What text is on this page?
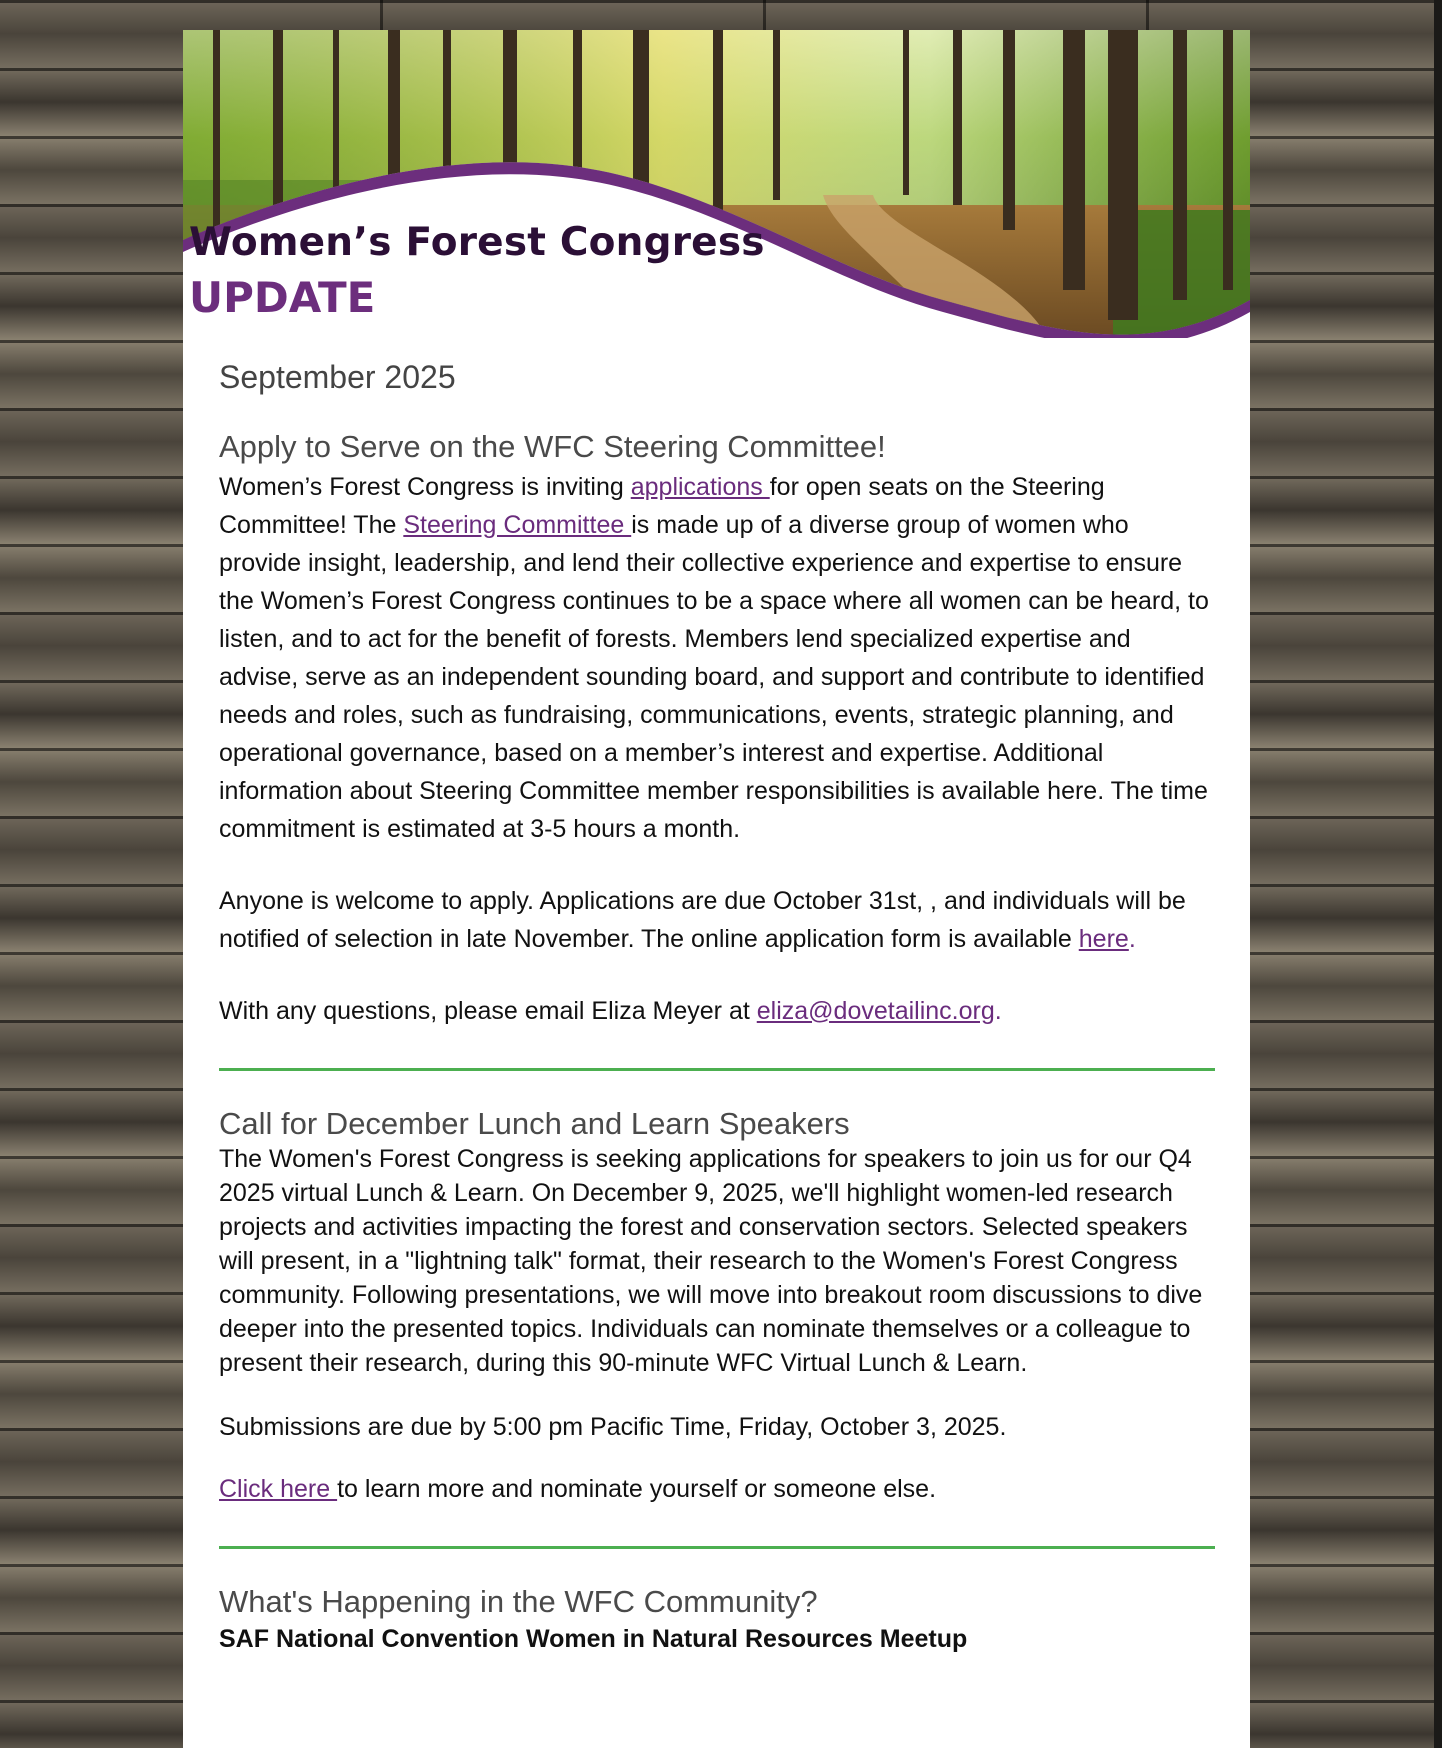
Women’s Forest Congress
UPDATE
September 2025
Apply to Serve on the WFC Steering Committee!

Women’s Forest Congress is inviting applications for open seats on the Steering Committee! The Steering Committee is made up of a diverse group of women who provide insight, leadership, and lend their collective experience and expertise to ensure the Women’s Forest Congress continues to be a space where all women can be heard, to listen, and to act for the benefit of forests. Members lend specialized expertise and advise, serve as an independent sounding board, and support and contribute to identified needs and roles, such as fundraising, communications, events, strategic planning, and operational governance, based on a member’s interest and expertise. Additional information about Steering Committee member responsibilities is available here. The time commitment is estimated at 3-5 hours a month.

Anyone is welcome to apply. Applications are due October 31st, , and individuals will be notified of selection in late November. The online application form is available here.

With any questions, please email Eliza Meyer at eliza@dovetailinc.org.

Call for December Lunch and Learn Speakers

The Women's Forest Congress is seeking applications for speakers to join us for our Q4 2025 virtual Lunch & Learn. On December 9, 2025, we'll highlight women-led research projects and activities impacting the forest and conservation sectors. Selected speakers will present, in a "lightning talk" format, their research to the Women's Forest Congress community. Following presentations, we will move into breakout room discussions to dive deeper into the presented topics. Individuals can nominate themselves or a colleague to present their research, during this 90-minute WFC Virtual Lunch & Learn.

Submissions are due by 5:00 pm Pacific Time, Friday, October 3, 2025.

Click here to learn more and nominate yourself or someone else.

What's Happening in the WFC Community?

SAF National Convention Women in Natural Resources Meetup
